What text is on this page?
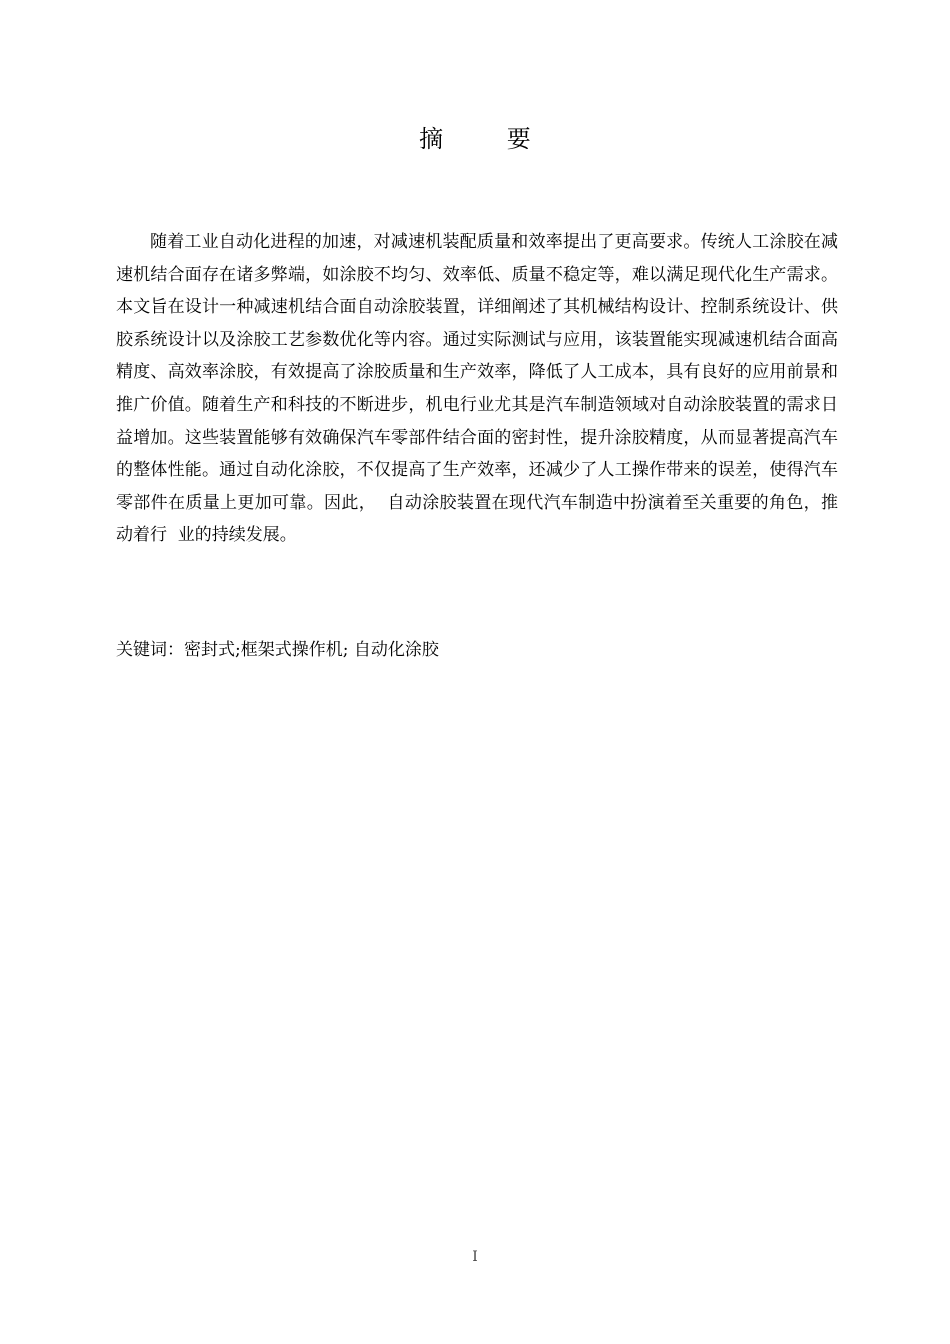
摘 要

随着工业自动化进程的加速，对减速机装配质量和效率提出了更高要求。传统人工涂胶在减速机结合面存在诸多弊端，如涂胶不均匀、效率低、质量不稳定等，难以满足现代化生产需求。本文旨在设计一种减速机结合面自动涂胶装置，详细阐述了其机械结构设计、控制系统设计、供胶系统设计以及涂胶工艺参数优化等内容。通过实际测试与应用，该装置能实现减速机结合面高精度、高效率涂胶，有效提高了涂胶质量和生产效率，降低了人工成本，具有良好的应用前景和推广价值。随着生产和科技的不断进步，机电行业尤其是汽车制造领域对自动涂胶装置的需求日益增加。这些装置能够有效确保汽车零部件结合面的密封性，提升涂胶精度，从而显著提高汽车的整体性能。通过自动化涂胶，不仅提高了生产效率，还减少了人工操作带来的误差，使得汽车零部件在质量上更加可靠。因此，  自动涂胶装置在现代汽车制造中扮演着至关重要的角色，推动着行  业的持续发展。

关键词：密封式;框架式操作机; 自动化涂胶
I
